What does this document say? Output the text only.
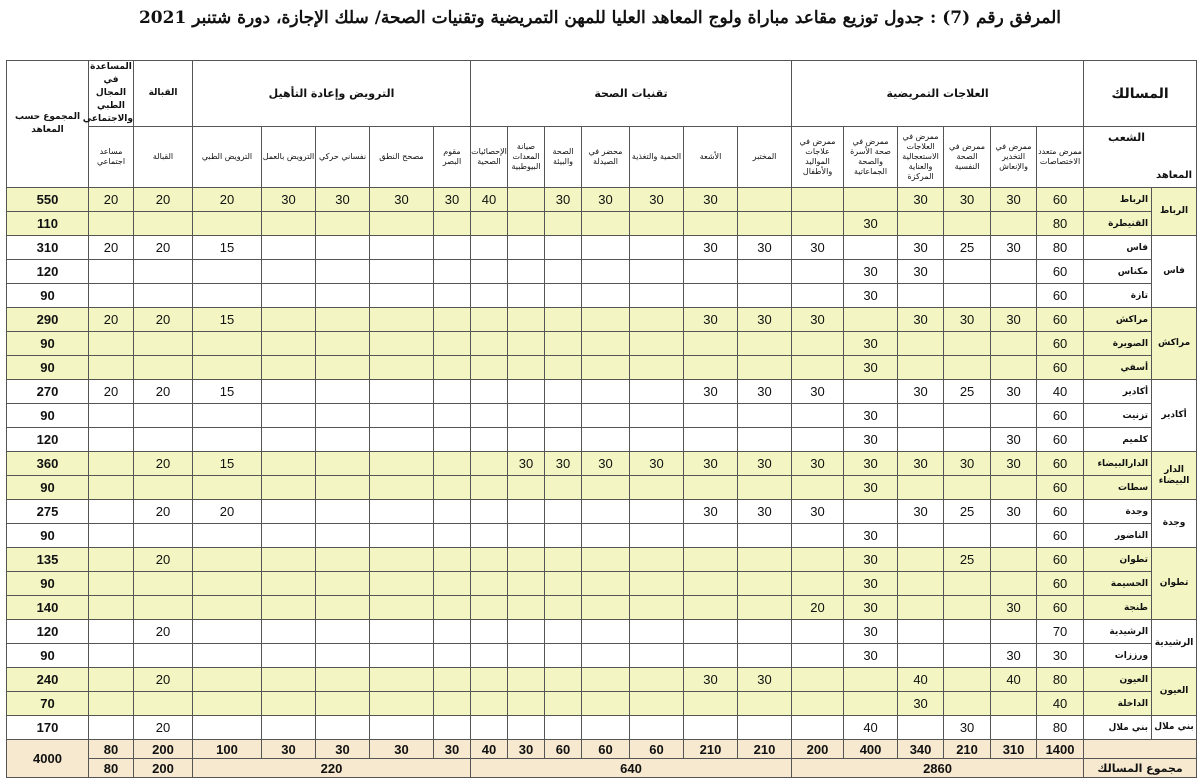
المرفق رقم (7) : جدول توزيع مقاعد مباراة ولوج المعاهد العليا للمهن التمريضية وتقنيات الصحة/ سلك الإجازة، دورة شتنبر 2021
المسالك		العلاجات التمريضية						تقنيات الصحة							الترويض وإعادة التأهيل					القبالة	المساعدة في المجال الطبي والاجتماعي	المجموع حسب المعاهد

الشعب
المعاهد		ممرض متعدد الاختصاصات	ممرض في التخدير والإنعاش	ممرض في الصحة النفسية	ممرض في العلاجات الاستعجالية والعناية المركزة	ممرض في صحة الأسرة والصحة الجماعاتية	ممرض في علاجات المواليد والأطفال	المختبر	الأشعة	الحمية والتغذية	محضر في الصيدلة	الصحة والبيئة	صيانة المعدات البيوطبية	الإحصائيات الصحية	مقوم البصر	مصحح النطق	نفساني حركي	الترويض بالعمل	الترويض الطبي	القبالة	مساعد اجتماعي	
الرباط	الرباط	60	30	30	30				30	30	30	30		40	30	30	30	30	20	20	20	550
	القنيطرة	80				30																110
فاس	فاس	80	30	25	30		30	30	30										15	20	20	310
	مكناس	60			30	30																120
	تازة	60				30																90
مراكش	مراكش	60	30	30	30		30	30	30										15	20	20	290
	الصويرة	60				30																90
	أسفي	60				30																90
أكادير	أكادير	40	30	25	30		30	30	30										15	20	20	270
	تزنيت	60				30																90
	كلميم	60	30			30																120
الدار البيضاء	الدارالبيضاء	60	30	30	30	30	30	30	30	30	30	30	30						15	20		360
	سطات	60				30																90
وجدة	وجدة	60	30	25	30		30	30	30										20	20		275
	الناضور	60				30																90
تطوان	تطوان	60		25		30														20		135
	الحسيمة	60				30																90
	طنجة	60	30			30	20															140
الرشيدية	الرشيدية	70				30														20		120
	ورززات	30	30			30																90
العيون	العيون	80	40		40			30	30											20		240
	الداخلة	40			30																	70
بني ملال	بني ملال	80		30		40														20		170
		1400	310	210	340	400	200	210	210	60	60	60	30	40	30	30	30	30	100	200	80	4000
مجموع المسالك		2860						640							220					200	80	
